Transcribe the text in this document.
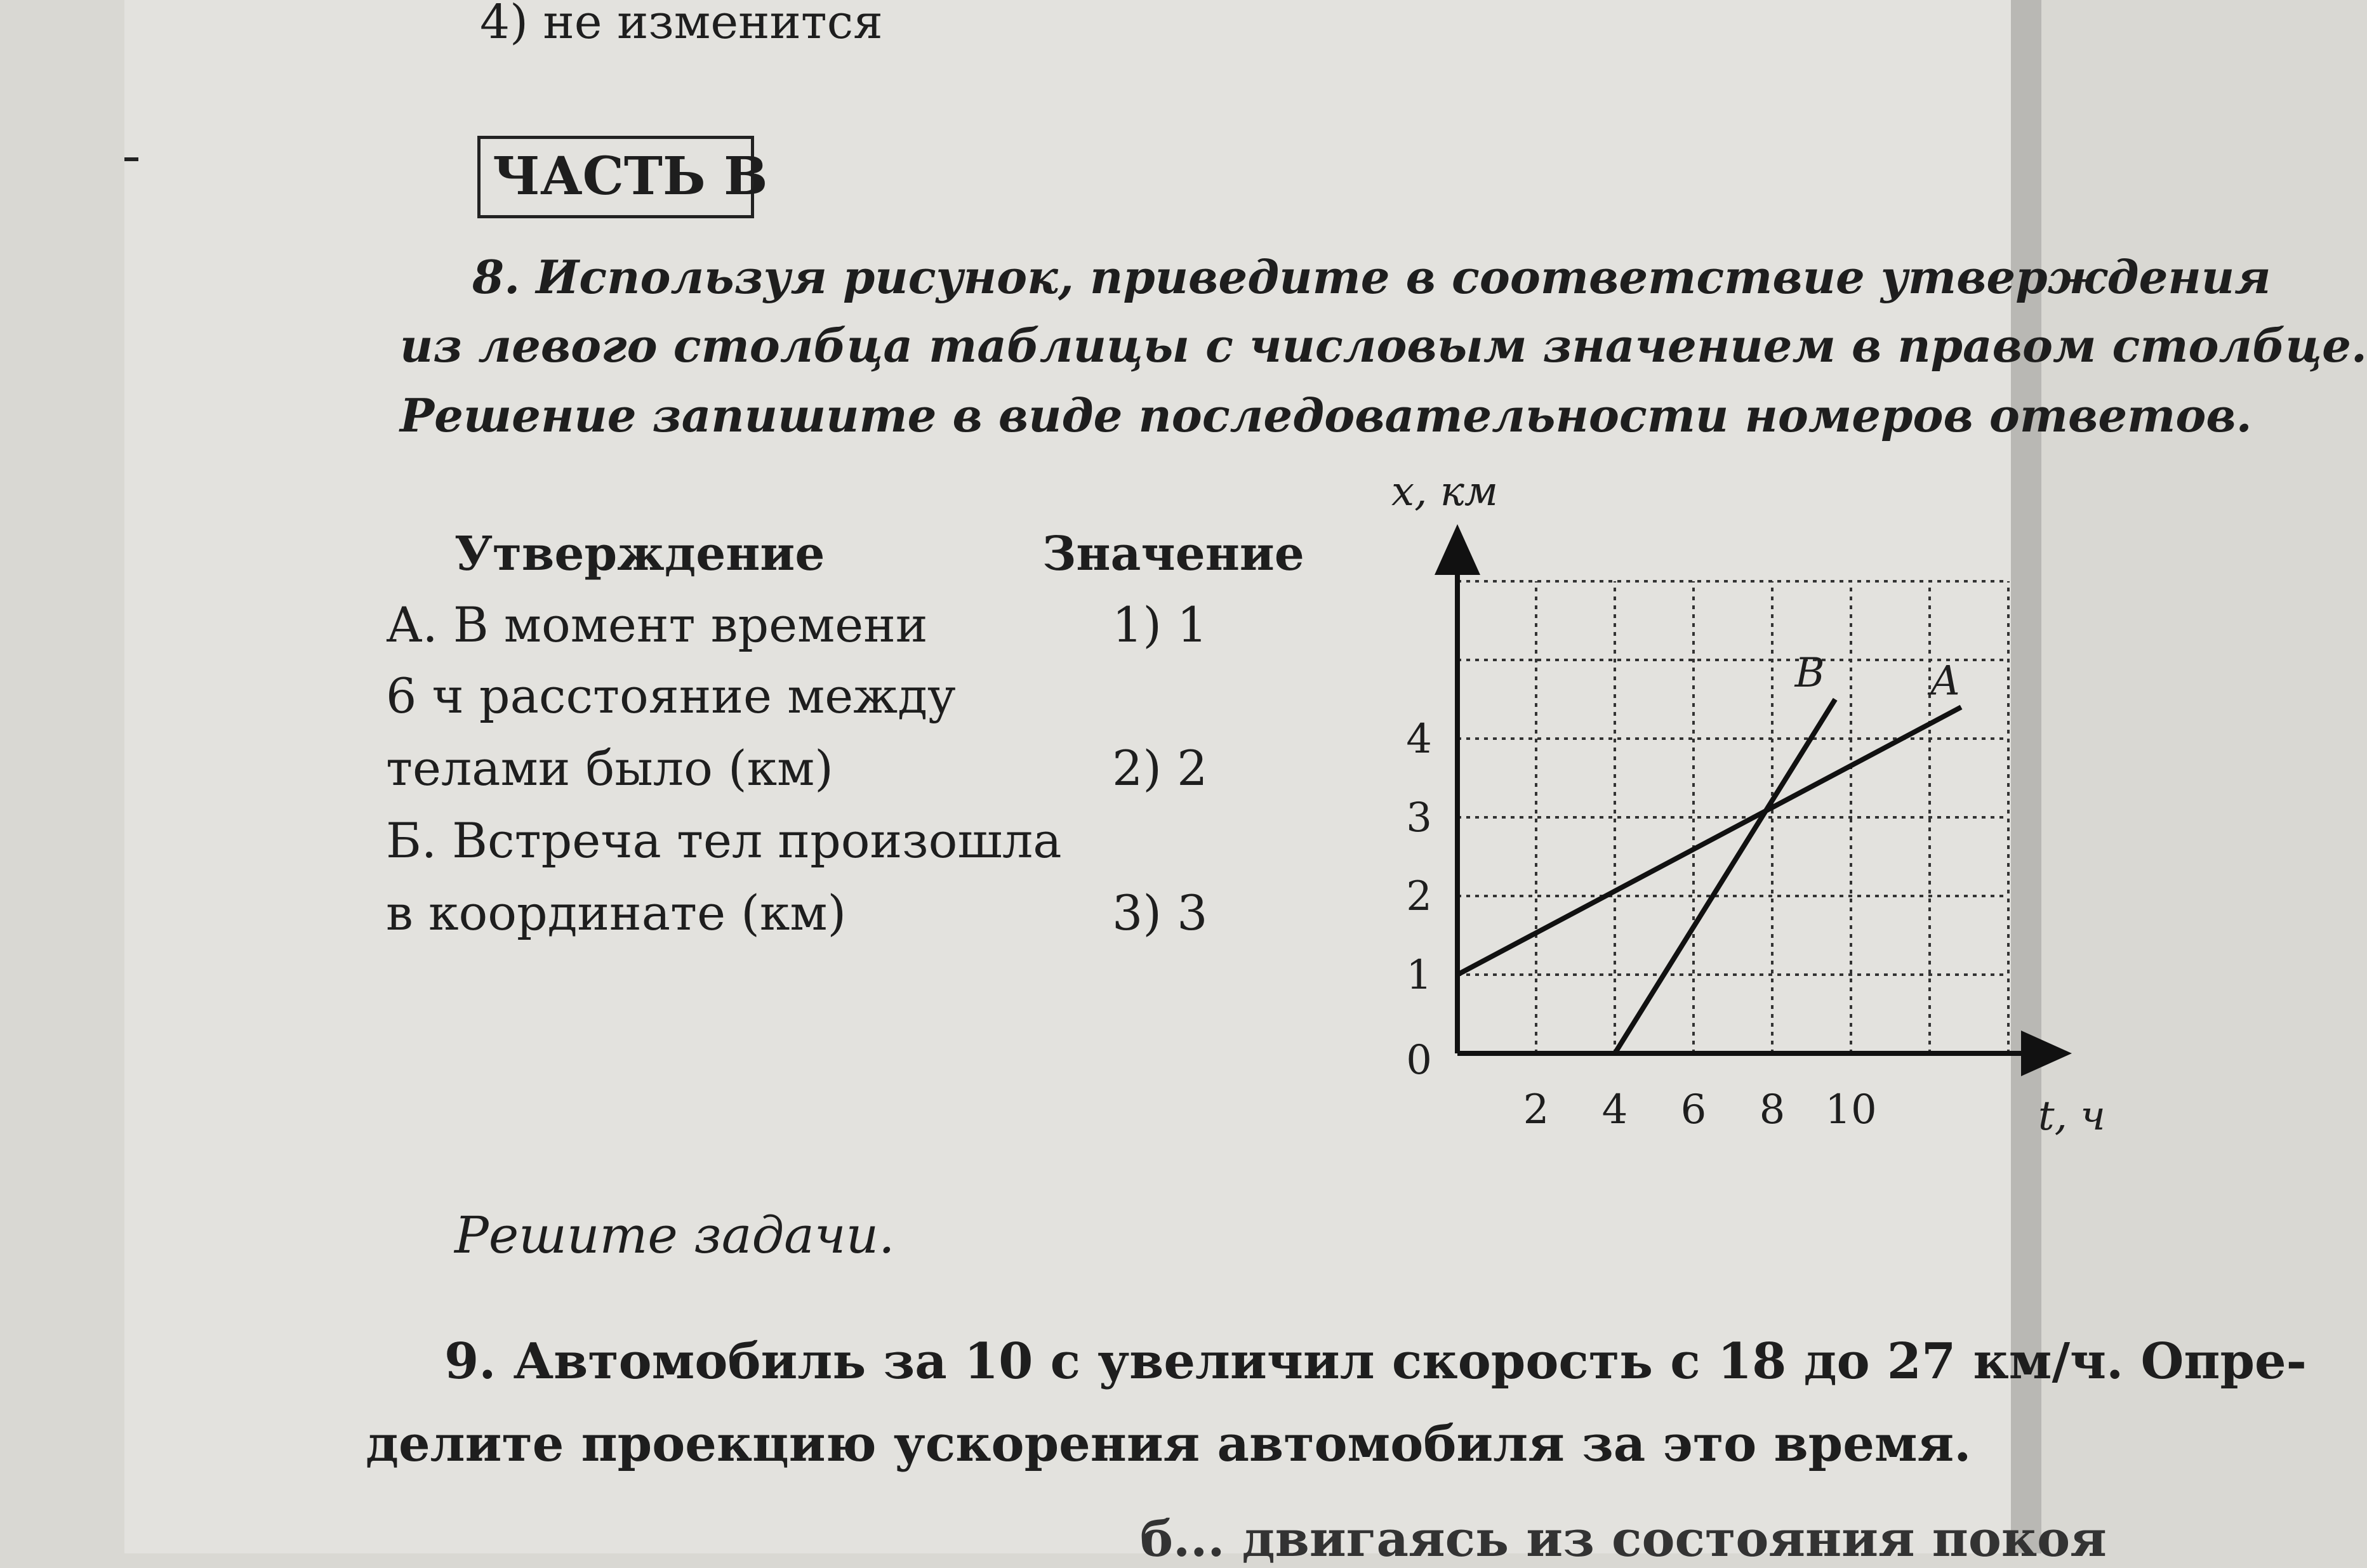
4) не изменится
ЧАСТЬ В
8. Используя рисунок, приведите в соответствие утверждения
из левого столбца таблицы с числовым значением в правом столбце.
Решение запишите в виде последовательности номеров ответов.
Утверждение	Значение
А. В момент времени
6 ч расстояние между
телами было (км)
Б. Встреча тел произошла
в координате (км)
1) 1
2) 2
3) 3
2 4 6 8 10
0
1
2
3
4
t, ч
x, км
A
B
Решите задачи.
9. Автомобиль за 10 с увеличил скорость с 18 до 27 км/ч. Опре-
делите проекцию ускорения автомобиля за это время.
б... двигаясь из состояния покоя
